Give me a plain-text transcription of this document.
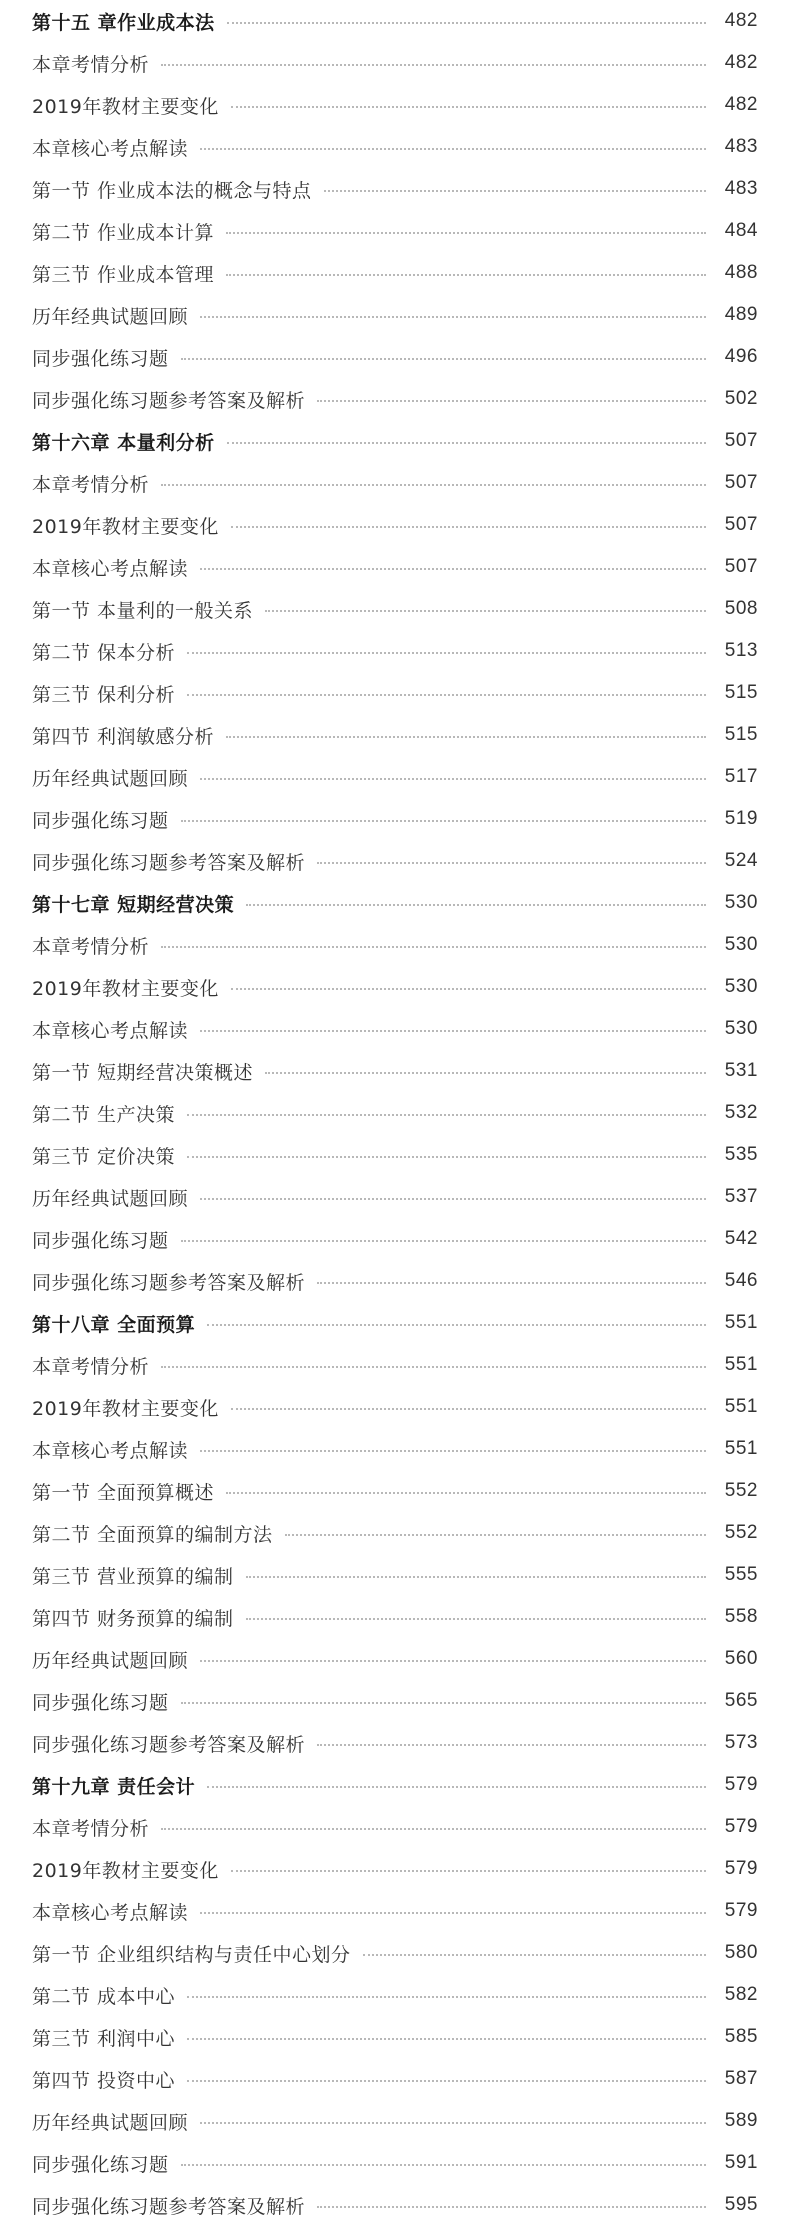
第十五 章作业成本法	482
本章考情分析	482
2019年教材主要变化	482
本章核心考点解读	483
第一节 作业成本法的概念与特点	483
第二节 作业成本计算	484
第三节 作业成本管理	488
历年经典试题回顾	489
同步强化练习题	496
同步强化练习题参考答案及解析	502
第十六章 本量利分析	507
本章考情分析	507
2019年教材主要变化	507
本章核心考点解读	507
第一节 本量利的一般关系	508
第二节 保本分析	513
第三节 保利分析	515
第四节 利润敏感分析	515
历年经典试题回顾	517
同步强化练习题	519
同步强化练习题参考答案及解析	524
第十七章 短期经营决策	530
本章考情分析	530
2019年教材主要变化	530
本章核心考点解读	530
第一节 短期经营决策概述	531
第二节 生产决策	532
第三节 定价决策	535
历年经典试题回顾	537
同步强化练习题	542
同步强化练习题参考答案及解析	546
第十八章 全面预算	551
本章考情分析	551
2019年教材主要变化	551
本章核心考点解读	551
第一节 全面预算概述	552
第二节 全面预算的编制方法	552
第三节 营业预算的编制	555
第四节 财务预算的编制	558
历年经典试题回顾	560
同步强化练习题	565
同步强化练习题参考答案及解析	573
第十九章 责任会计	579
本章考情分析	579
2019年教材主要变化	579
本章核心考点解读	579
第一节 企业组织结构与责任中心划分	580
第二节 成本中心	582
第三节 利润中心	585
第四节 投资中心	587
历年经典试题回顾	589
同步强化练习题	591
同步强化练习题参考答案及解析	595
